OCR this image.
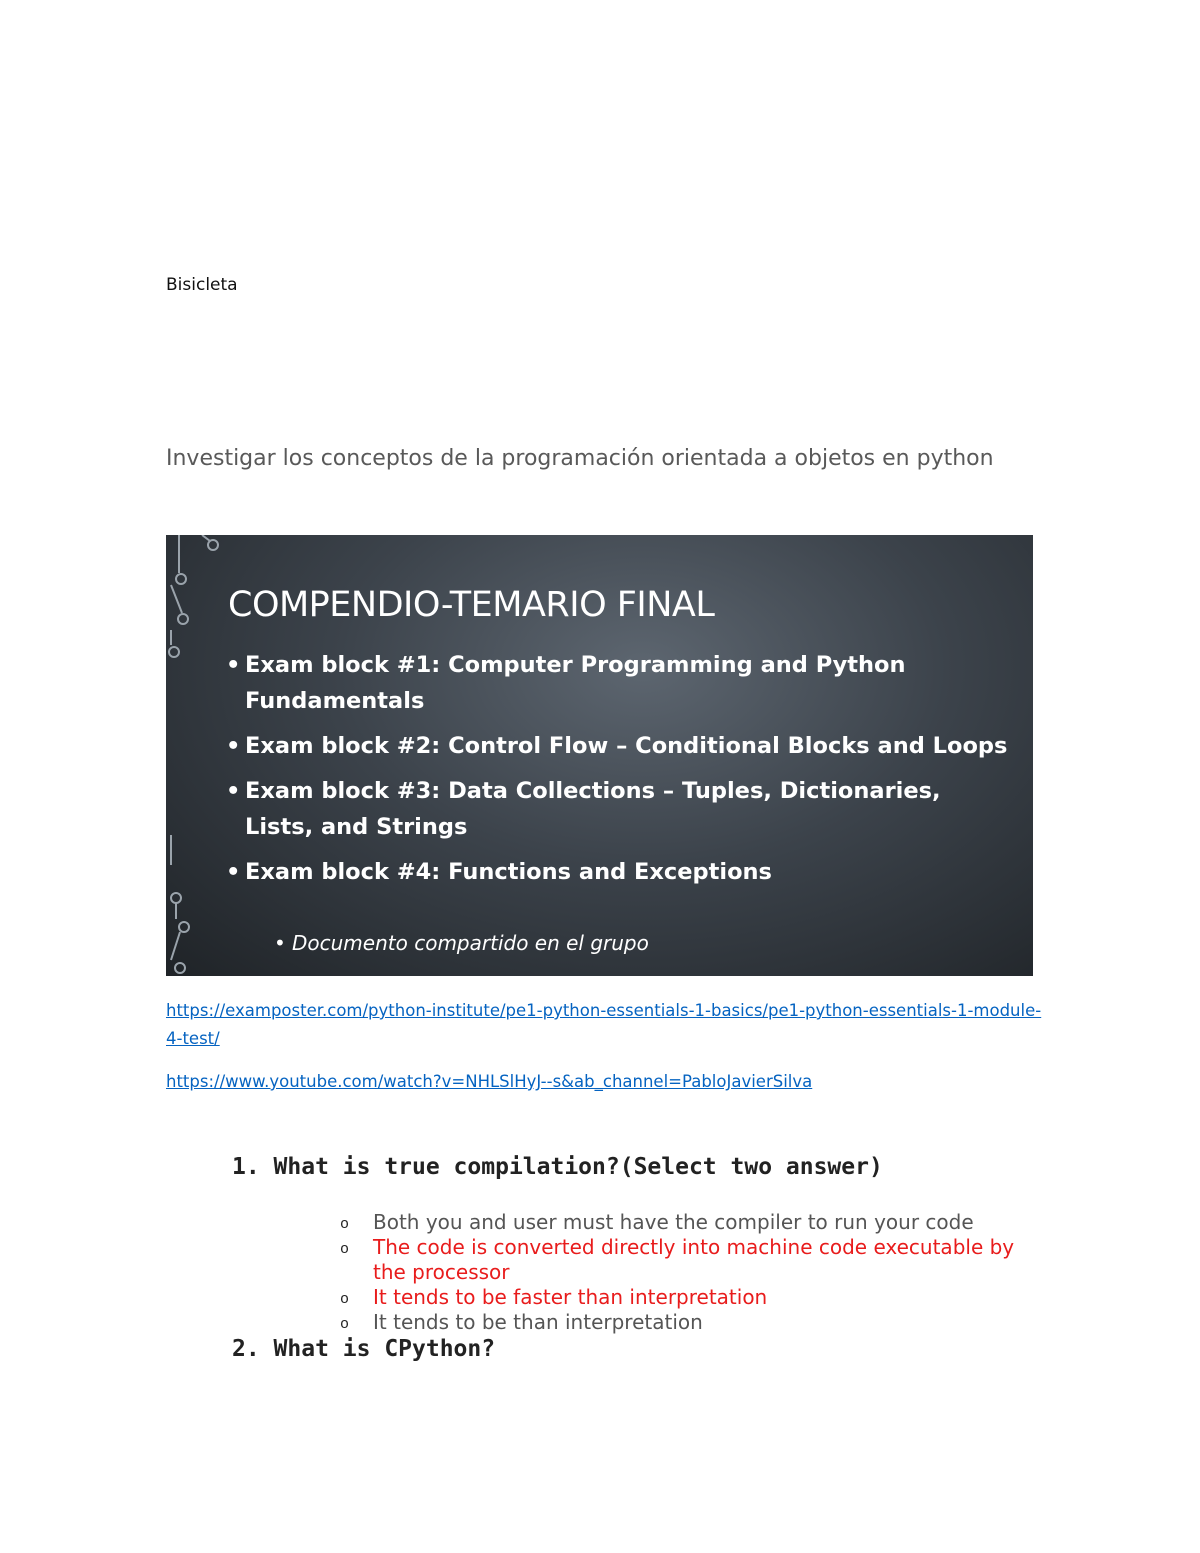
Bisicleta
Investigar los conceptos de la programación orientada a objetos en python
COMPENDIO-TEMARIO FINAL
• Exam block #1: Computer Programming and Python Fundamentals
• Exam block #2: Control Flow – Conditional Blocks and Loops
• Exam block #3: Data Collections – Tuples, Dictionaries, Lists, and Strings
• Exam block #4: Functions and Exceptions
• Documento compartido en el grupo
https://examposter.com/python-institute/pe1-python-essentials-1-basics/pe1-python-essentials-1-module-4-test/
https://www.youtube.com/watch?v=NHLSlHyJ--s&ab_channel=PabloJavierSilva
1. What is true compilation?(Select two answer)
o Both you and user must have the compiler to run your code
o The code is converted directly into machine code executable by the processor
o It tends to be faster than interpretation
o It tends to be than interpretation
2. What is CPython?
